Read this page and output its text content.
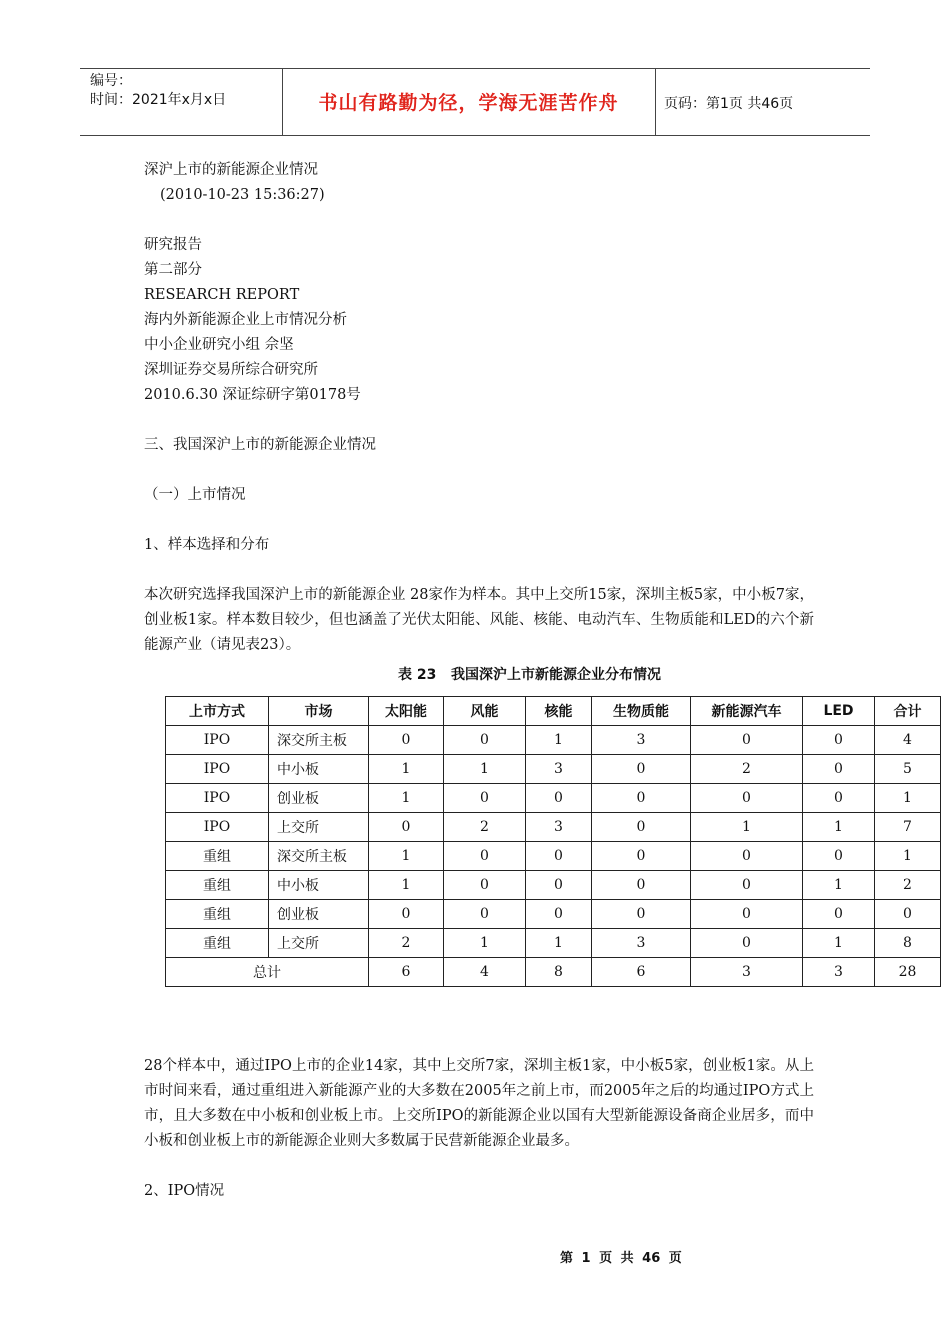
编号：
时间：2021年x月x日	书山有路勤为径，学海无涯苦作舟	页码：第1页 共46页
深沪上市的新能源企业情况
(2010-10-23 15:36:27)
研究报告
第二部分
RESEARCH REPORT
海内外新能源企业上市情况分析
中小企业研究小组 佘坚
深圳证券交易所综合研究所
2010.6.30 深证综研字第0178号
三、我国深沪上市的新能源企业情况
（一）上市情况
1、样本选择和分布
本次研究选择我国深沪上市的新能源企业 28家作为样本。其中上交所15家，深圳主板5家，中小板7家，创业板1家。样本数目较少，但也涵盖了光伏太阳能、风能、核能、电动汽车、生物质能和LED的六个新能源产业（请见表23）。
表 23   我国深沪上市新能源企业分布情况
上市方式	市场	太阳能	风能	核能	生物质能	新能源汽车	LED	合计
IPO	深交所主板	0	0	1	3	0	0	4
IPO	中小板	1	1	3	0	2	0	5
IPO	创业板	1	0	0	0	0	0	1
IPO	上交所	0	2	3	0	1	1	7
重组	深交所主板	1	0	0	0	0	0	1
重组	中小板	1	0	0	0	0	1	2
重组	创业板	0	0	0	0	0	0	0
重组	上交所	2	1	1	3	0	1	8
总计		6	4	8	6	3	3	28
28个样本中，通过IPO上市的企业14家，其中上交所7家，深圳主板1家，中小板5家，创业板1家。从上市时间来看，通过重组进入新能源产业的大多数在2005年之前上市，而2005年之后的均通过IPO方式上市，且大多数在中小板和创业板上市。上交所IPO的新能源企业以国有大型新能源设备商企业居多，而中小板和创业板上市的新能源企业则大多数属于民营新能源企业最多。
2、IPO情况
第 1 页 共 46 页
